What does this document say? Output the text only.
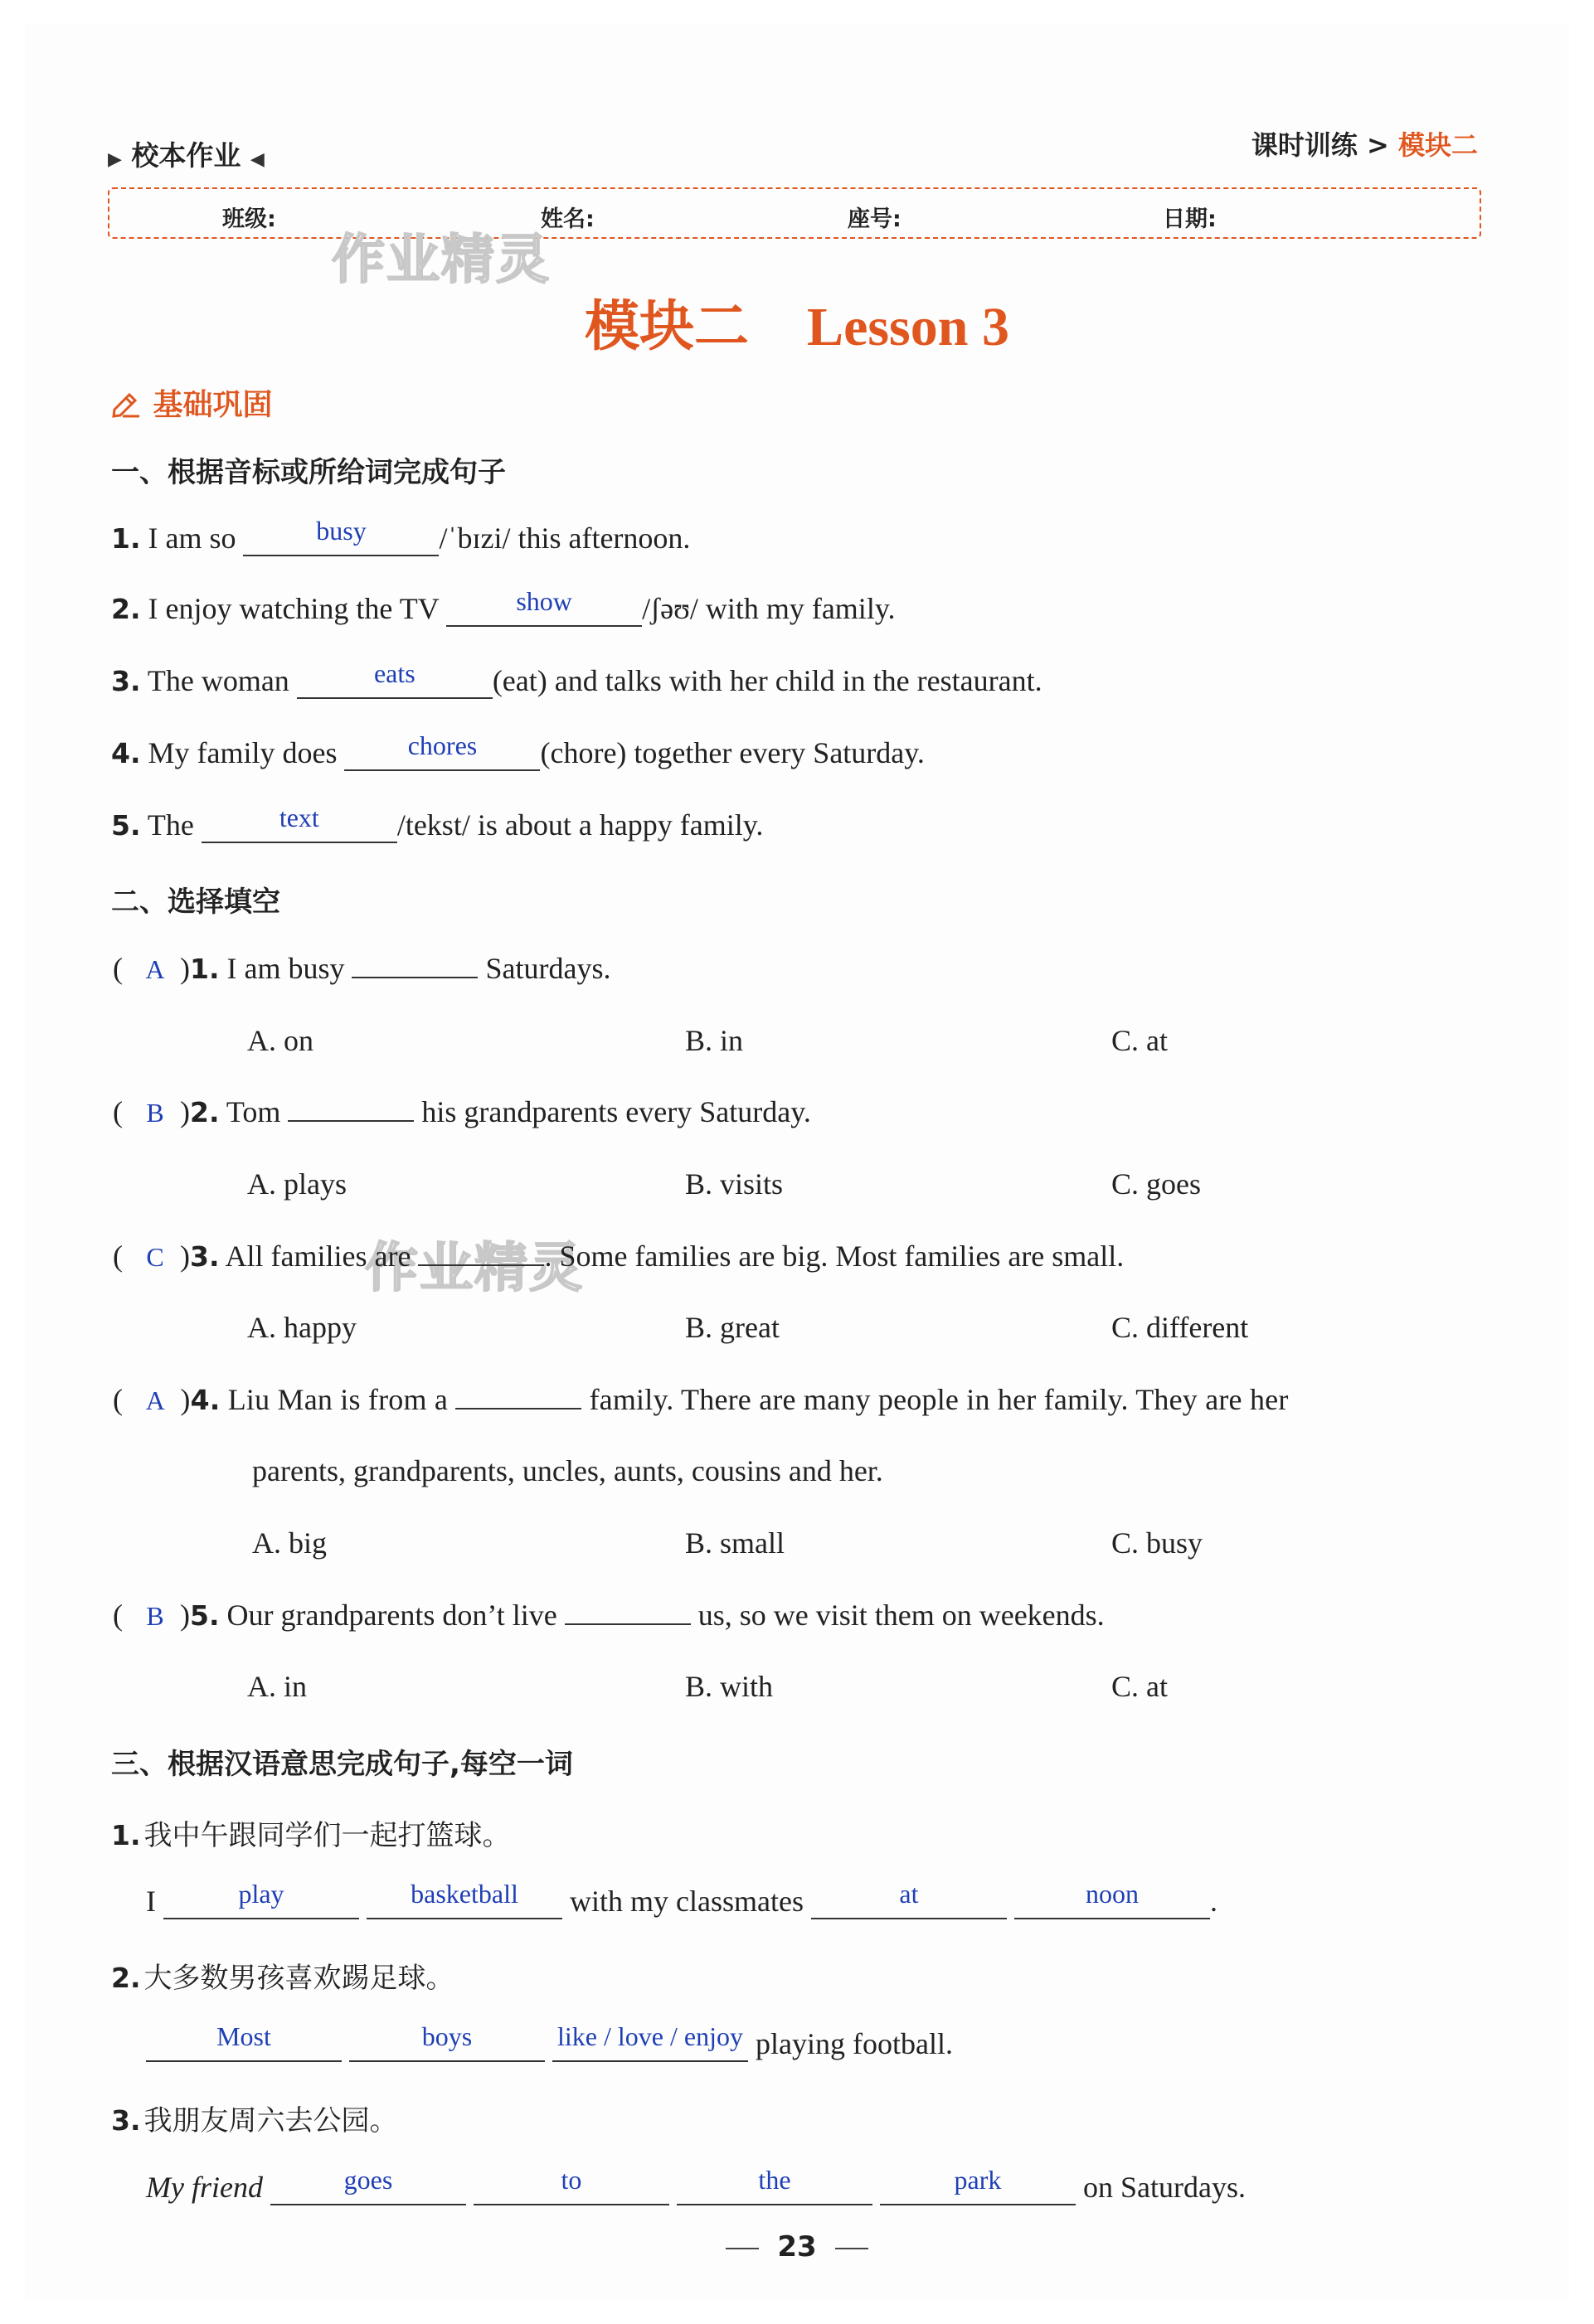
▶ 校本作业 ◀	课时训练 > 模块二
班级:	姓名:	座号:	日期:
作业精灵
作业精灵
模块二 Lesson 3
基础巩固
一、根据音标或所给词完成句子
1. I am so	busy /ˈbɪzi/ this afternoon.
2. I enjoy watching the TV	show /ʃəʊ/ with my family.
3. The woman	eats	(eat) and talks with her child in the restaurant.
4. My family does	chores (chore) together every Saturday.
5. The	text	/tekst/ is about a happy family.
二、选择填空
( A )1. I am busy	Saturdays.
A. on	B. in	C. at
( B )2. Tom	his grandparents every Saturday.
A. plays	B. visits	C. goes
( C )3. All families are	. Some families are big. Most families are small.
A. happy	B. great	C. different
( A )4. Liu Man is from a	family. There are many people in her family. They are her
parents, grandparents, uncles, aunts, cousins and her.
A. big	B. small	C. busy
( B )5. Our grandparents don’t live	us, so we visit them on weekends.
A. in	B. with	C. at
三、根据汉语意思完成句子,每空一词
1. 我中午跟同学们一起打篮球。
I	play	basketball with my classmates	at	noon .
2. 大多数男孩喜欢踢足球。
Most	boys	like / love / enjoy playing football.
3. 我朋友周六去公园。
My friend	goes	to	the	park	on Saturdays.
23
